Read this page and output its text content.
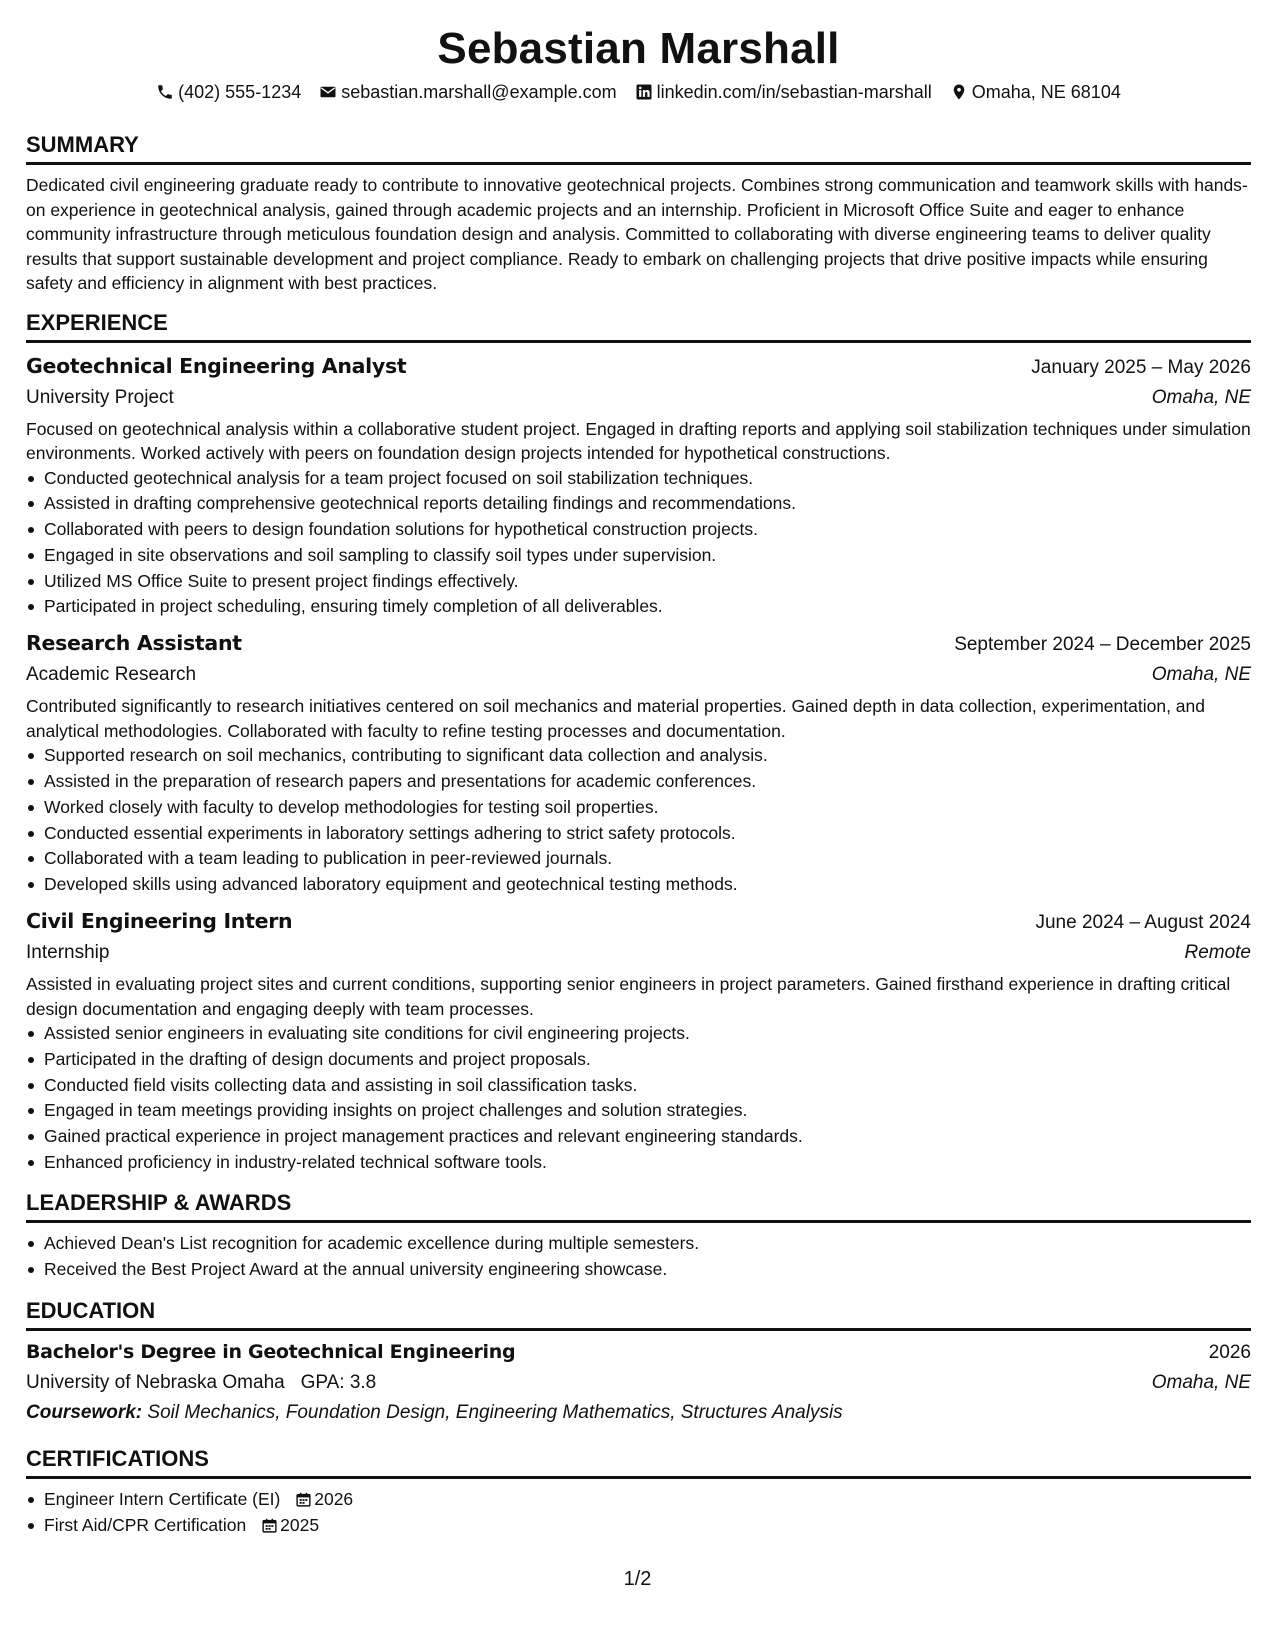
Sebastian Marshall
(402) 555-1234 sebastian.marshall@example.com linkedin.com/in/sebastian-marshall Omaha, NE 68104
SUMMARY
Dedicated civil engineering graduate ready to contribute to innovative geotechnical projects. Combines strong communication and teamwork skills with hands-on experience in geotechnical analysis, gained through academic projects and an internship. Proficient in Microsoft Office Suite and eager to enhance community infrastructure through meticulous foundation design and analysis. Committed to collaborating with diverse engineering teams to deliver quality results that support sustainable development and project compliance. Ready to embark on challenging projects that drive positive impacts while ensuring safety and efficiency in alignment with best practices.
EXPERIENCE
Geotechnical Engineering Analyst	January 2025 – May 2026
University Project	Omaha, NE
Focused on geotechnical analysis within a collaborative student project. Engaged in drafting reports and applying soil stabilization techniques under simulation environments. Worked actively with peers on foundation design projects intended for hypothetical constructions.
Conducted geotechnical analysis for a team project focused on soil stabilization techniques.
Assisted in drafting comprehensive geotechnical reports detailing findings and recommendations.
Collaborated with peers to design foundation solutions for hypothetical construction projects.
Engaged in site observations and soil sampling to classify soil types under supervision.
Utilized MS Office Suite to present project findings effectively.
Participated in project scheduling, ensuring timely completion of all deliverables.
Research Assistant	September 2024 – December 2025
Academic Research	Omaha, NE
Contributed significantly to research initiatives centered on soil mechanics and material properties. Gained depth in data collection, experimentation, and analytical methodologies. Collaborated with faculty to refine testing processes and documentation.
Supported research on soil mechanics, contributing to significant data collection and analysis.
Assisted in the preparation of research papers and presentations for academic conferences.
Worked closely with faculty to develop methodologies for testing soil properties.
Conducted essential experiments in laboratory settings adhering to strict safety protocols.
Collaborated with a team leading to publication in peer-reviewed journals.
Developed skills using advanced laboratory equipment and geotechnical testing methods.
Civil Engineering Intern	June 2024 – August 2024
Internship	Remote
Assisted in evaluating project sites and current conditions, supporting senior engineers in project parameters. Gained firsthand experience in drafting critical design documentation and engaging deeply with team processes.
Assisted senior engineers in evaluating site conditions for civil engineering projects.
Participated in the drafting of design documents and project proposals.
Conducted field visits collecting data and assisting in soil classification tasks.
Engaged in team meetings providing insights on project challenges and solution strategies.
Gained practical experience in project management practices and relevant engineering standards.
Enhanced proficiency in industry-related technical software tools.
LEADERSHIP & AWARDS
Achieved Dean's List recognition for academic excellence during multiple semesters.
Received the Best Project Award at the annual university engineering showcase.
EDUCATION
Bachelor's Degree in Geotechnical Engineering	2026
University of Nebraska Omaha GPA: 3.8	Omaha, NE
Coursework: Soil Mechanics, Foundation Design, Engineering Mathematics, Structures Analysis
CERTIFICATIONS
Engineer Intern Certificate (EI) 2026
First Aid/CPR Certification 2025
1/2
